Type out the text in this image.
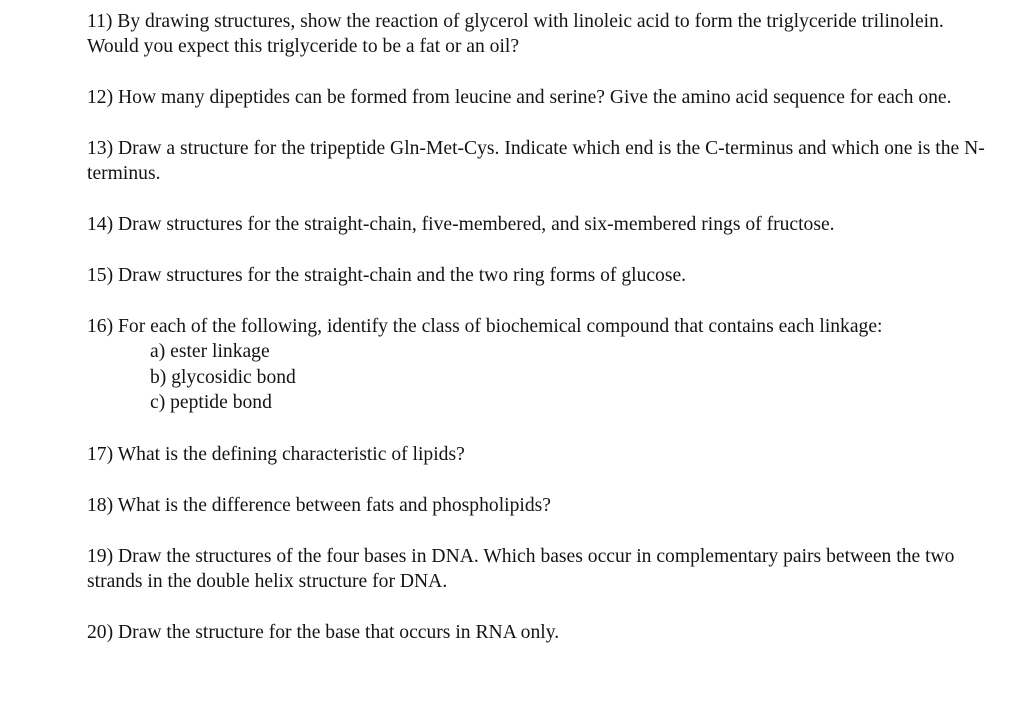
11) By drawing structures, show the reaction of glycerol with linoleic acid to form the triglyceride trilinolein. Would you expect this triglyceride to be a fat or an oil?

12) How many dipeptides can be formed from leucine and serine? Give the amino acid sequence for each one.

13) Draw a structure for the tripeptide Gln-Met-Cys. Indicate which end is the C-terminus and which one is the N-terminus.

14) Draw structures for the straight-chain, five-membered, and six-membered rings of fructose.

15) Draw structures for the straight-chain and the two ring forms of glucose.

16) For each of the following, identify the class of biochemical compound that contains each linkage:
a) ester linkage
b) glycosidic bond
c) peptide bond

17) What is the defining characteristic of lipids?

18) What is the difference between fats and phospholipids?

19) Draw the structures of the four bases in DNA. Which bases occur in complementary pairs between the two strands in the double helix structure for DNA.

20) Draw the structure for the base that occurs in RNA only.
